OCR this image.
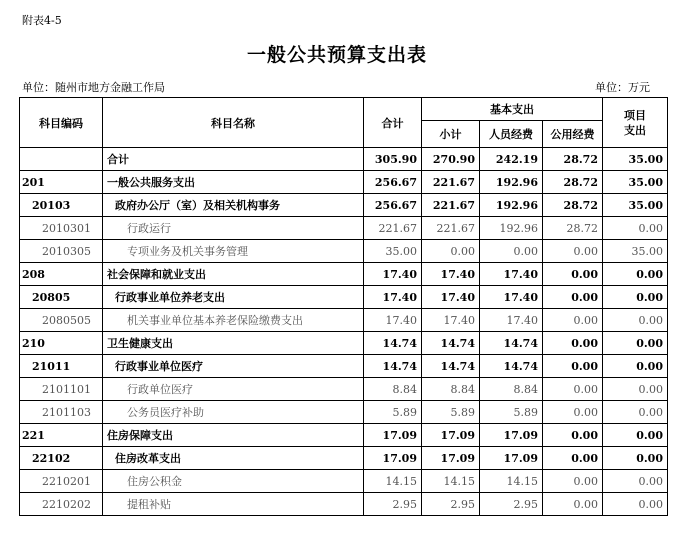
附表4-5
一般公共预算支出表
单位：随州市地方金融工作局	单位：万元
科目编码	科目名称	合计	基本支出			项目
支出
			小计	人员经费	公用经费	
	合计	305.90	270.90	242.19	28.72	35.00
201	一般公共服务支出	256.67	221.67	192.96	28.72	35.00
20103	政府办公厅（室）及相关机构事务	256.67	221.67	192.96	28.72	35.00
2010301	行政运行	221.67	221.67	192.96	28.72	0.00
2010305	专项业务及机关事务管理	35.00	0.00	0.00	0.00	35.00
208	社会保障和就业支出	17.40	17.40	17.40	0.00	0.00
20805	行政事业单位养老支出	17.40	17.40	17.40	0.00	0.00
2080505	机关事业单位基本养老保险缴费支出	17.40	17.40	17.40	0.00	0.00
210	卫生健康支出	14.74	14.74	14.74	0.00	0.00
21011	行政事业单位医疗	14.74	14.74	14.74	0.00	0.00
2101101	行政单位医疗	8.84	8.84	8.84	0.00	0.00
2101103	公务员医疗补助	5.89	5.89	5.89	0.00	0.00
221	住房保障支出	17.09	17.09	17.09	0.00	0.00
22102	住房改革支出	17.09	17.09	17.09	0.00	0.00
2210201	住房公积金	14.15	14.15	14.15	0.00	0.00
2210202	提租补贴	2.95	2.95	2.95	0.00	0.00
